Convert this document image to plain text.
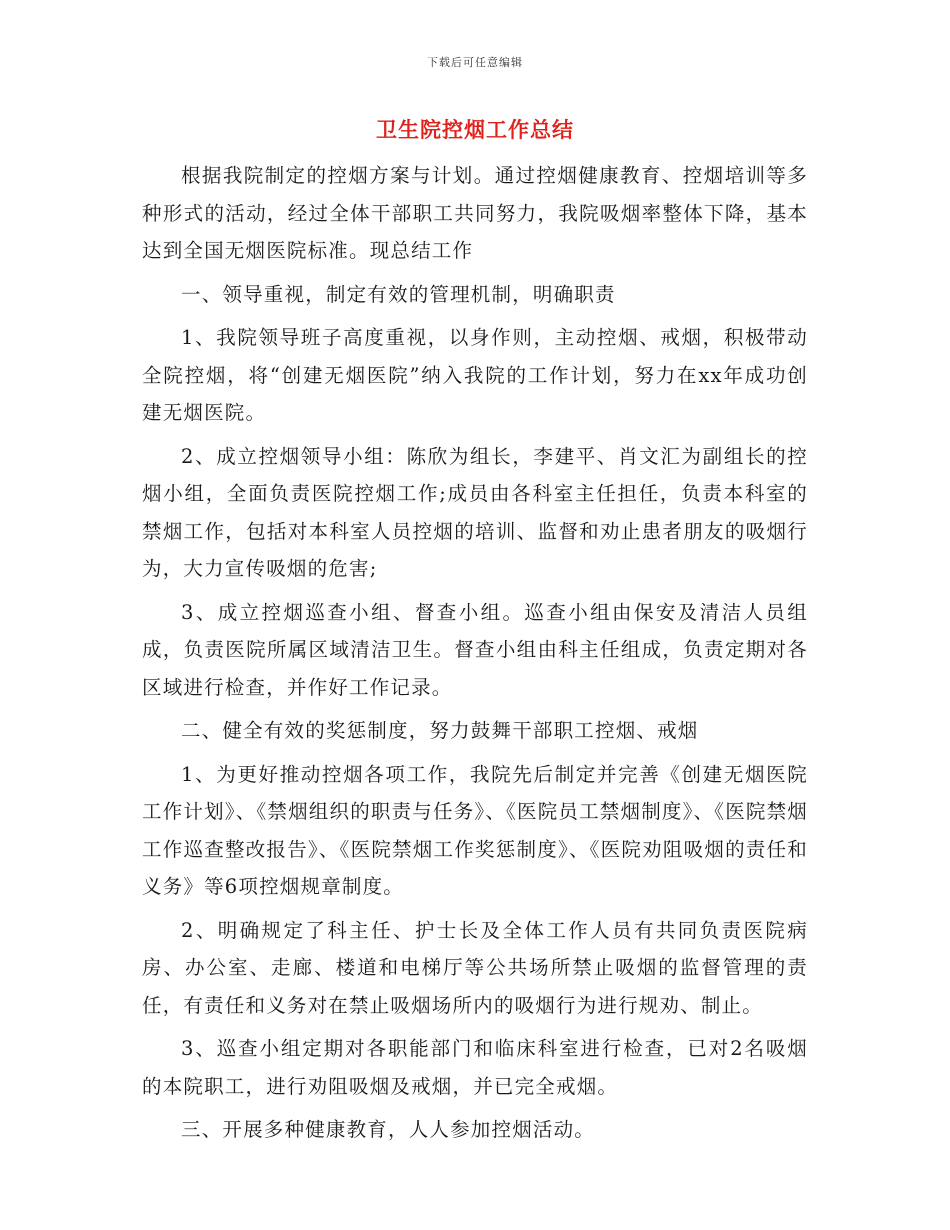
下载后可任意编辑
卫生院控烟工作总结

根据我院制定的控烟方案与计划。通过控烟健康教育、控烟培训等多种形式的活动，经过全体干部职工共同努力，我院吸烟率整体下降，基本达到全国无烟医院标准。现总结工作

一、领导重视，制定有效的管理机制，明确职责

1、我院领导班子高度重视，以身作则，主动控烟、戒烟，积极带动全院控烟，将“创建无烟医院”纳入我院的工作计划，努力在xx年成功创建无烟医院。

2、成立控烟领导小组：陈欣为组长，李建平、肖文汇为副组长的控烟小组，全面负责医院控烟工作;成员由各科室主任担任，负责本科室的禁烟工作，包括对本科室人员控烟的培训、监督和劝止患者朋友的吸烟行为，大力宣传吸烟的危害;

3、成立控烟巡查小组、督查小组。巡查小组由保安及清洁人员组成，负责医院所属区域清洁卫生。督查小组由科主任组成，负责定期对各区域进行检查，并作好工作记录。

二、健全有效的奖惩制度，努力鼓舞干部职工控烟、戒烟

1、为更好推动控烟各项工作，我院先后制定并完善《创建无烟医院工作计划》、《禁烟组织的职责与任务》、《医院员工禁烟制度》、《医院禁烟工作巡查整改报告》、《医院禁烟工作奖惩制度》、《医院劝阻吸烟的责任和义务》等6项控烟规章制度。

2、明确规定了科主任、护士长及全体工作人员有共同负责医院病房、办公室、走廊、楼道和电梯厅等公共场所禁止吸烟的监督管理的责任，有责任和义务对在禁止吸烟场所内的吸烟行为进行规劝、制止。

3、巡查小组定期对各职能部门和临床科室进行检查，已对2名吸烟的本院职工，进行劝阻吸烟及戒烟，并已完全戒烟。

三、开展多种健康教育，人人参加控烟活动。
